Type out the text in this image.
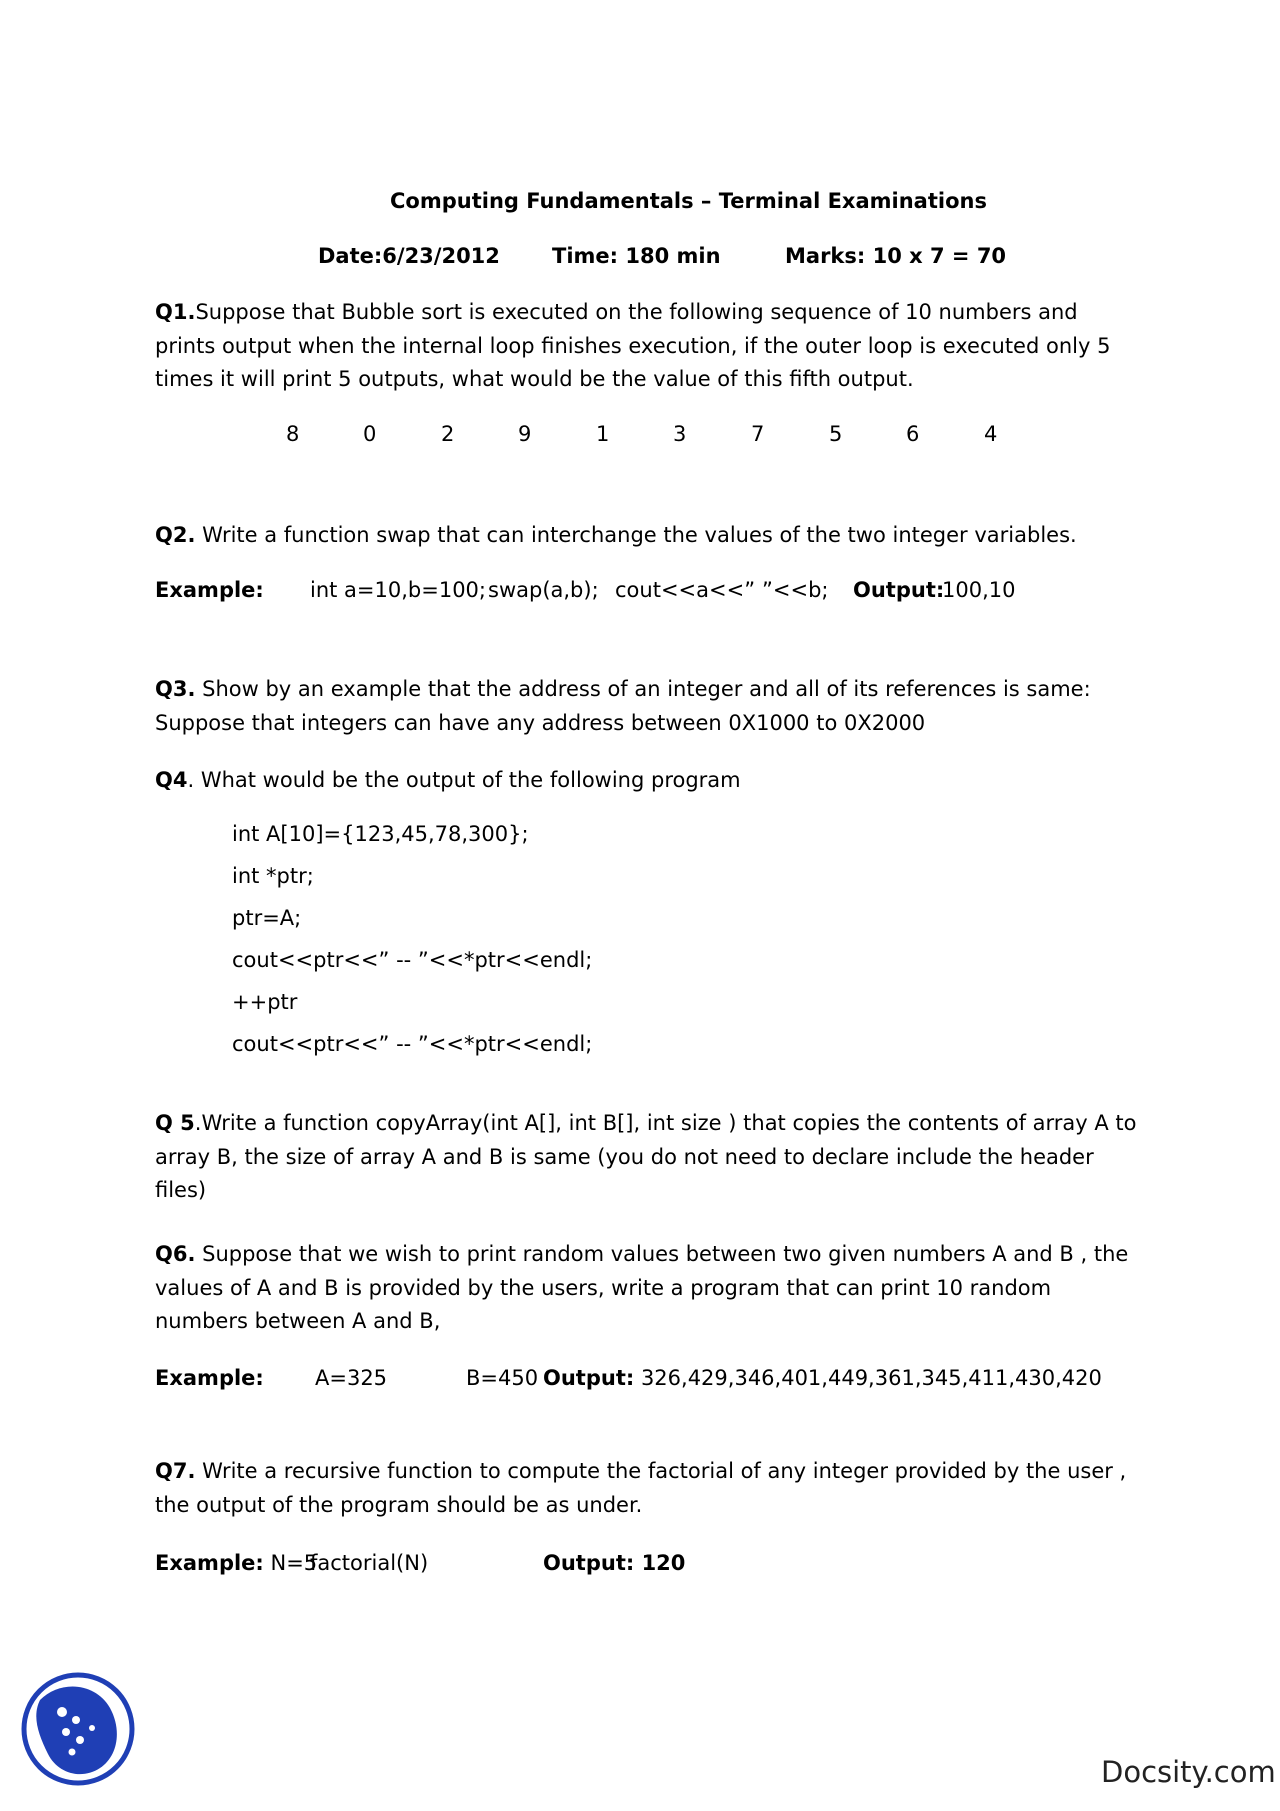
Computing Fundamentals – Terminal Examinations
Date:6/23/2012 Time: 180 min	Marks: 10 x 7 = 70
Q1.Suppose that Bubble sort is executed on the following sequence of 10 numbers and prints output when the internal loop finishes execution, if the outer loop is executed only 5 times it will print 5 outputs, what would be the value of this fifth output.
8	0	2	9	1	3	7	5	6	4
Q2. Write a function swap that can interchange the values of the two integer variables.
Example: int a=10,b=100; swap(a,b); cout<<a<<” ”<<b; Output:
100,10
Q3. Show by an example that the address of an integer and all of its references is same: Suppose that integers can have any address between 0X1000 to 0X2000
Q4. What would be the output of the following program
int A[10]={123,45,78,300};
int *ptr;
ptr=A;
cout<<ptr<<” -- ”<<*ptr<<endl;
++ptr
cout<<ptr<<” -- ”<<*ptr<<endl;
Q 5.Write a function copyArray(int A[], int B[], int size ) that copies the contents of array A to array B, the size of array A and B is same (you do not need to declare include the header files)
Q6. Suppose that we wish to print random values between two given numbers A and B , the values of A and B is provided by the users, write a program that can print 10 random numbers between A and B,
Example: A=325	B=450 Output: 326,429,346,401,449,361,345,411,430,420
Q7. Write a recursive function to compute the factorial of any integer provided by the user , the output of the program should be as under.
Example: N=5
factorial(N)	Output: 120
Docsity.com
